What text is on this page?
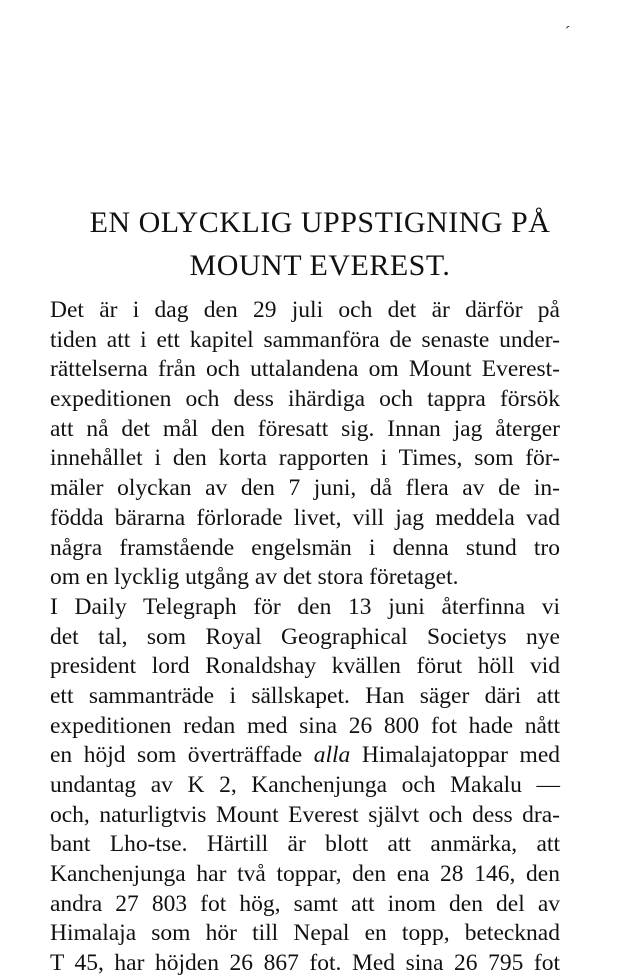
ˊ
EN OLYCKLIG UPPSTIGNING PÅ
MOUNT EVEREST.
Det är i dag den 29 juli och det är därför på
tiden att i ett kapitel sammanföra de senaste under-
rättelserna från och uttalandena om Mount Everest-
expeditionen och dess ihärdiga och tappra försök
att nå det mål den föresatt sig. Innan jag återger
innehållet i den korta rapporten i Times, som för-
mäler olyckan av den 7 juni, då flera av de in-
födda bärarna förlorade livet, vill jag meddela vad
några framstående engelsmän i denna stund tro
om en lycklig utgång av det stora företaget.
I Daily Telegraph för den 13 juni återfinna vi
det tal, som Royal Geographical Societys nye
president lord Ronaldshay kvällen förut höll vid
ett sammanträde i sällskapet. Han säger däri att
expeditionen redan med sina 26 800 fot hade nått
en höjd som överträffade alla Himalajatoppar med
undantag av K 2, Kanchenjunga och Makalu —
och, naturligtvis Mount Everest självt och dess dra-
bant Lho-tse. Härtill är blott att anmärka, att
Kanchenjunga har två toppar, den ena 28 146, den
andra 27 803 fot hög, samt att inom den del av
Himalaja som hör till Nepal en topp, betecknad
T 45, har höjden 26 867 fot. Med sina 26 795 fot
